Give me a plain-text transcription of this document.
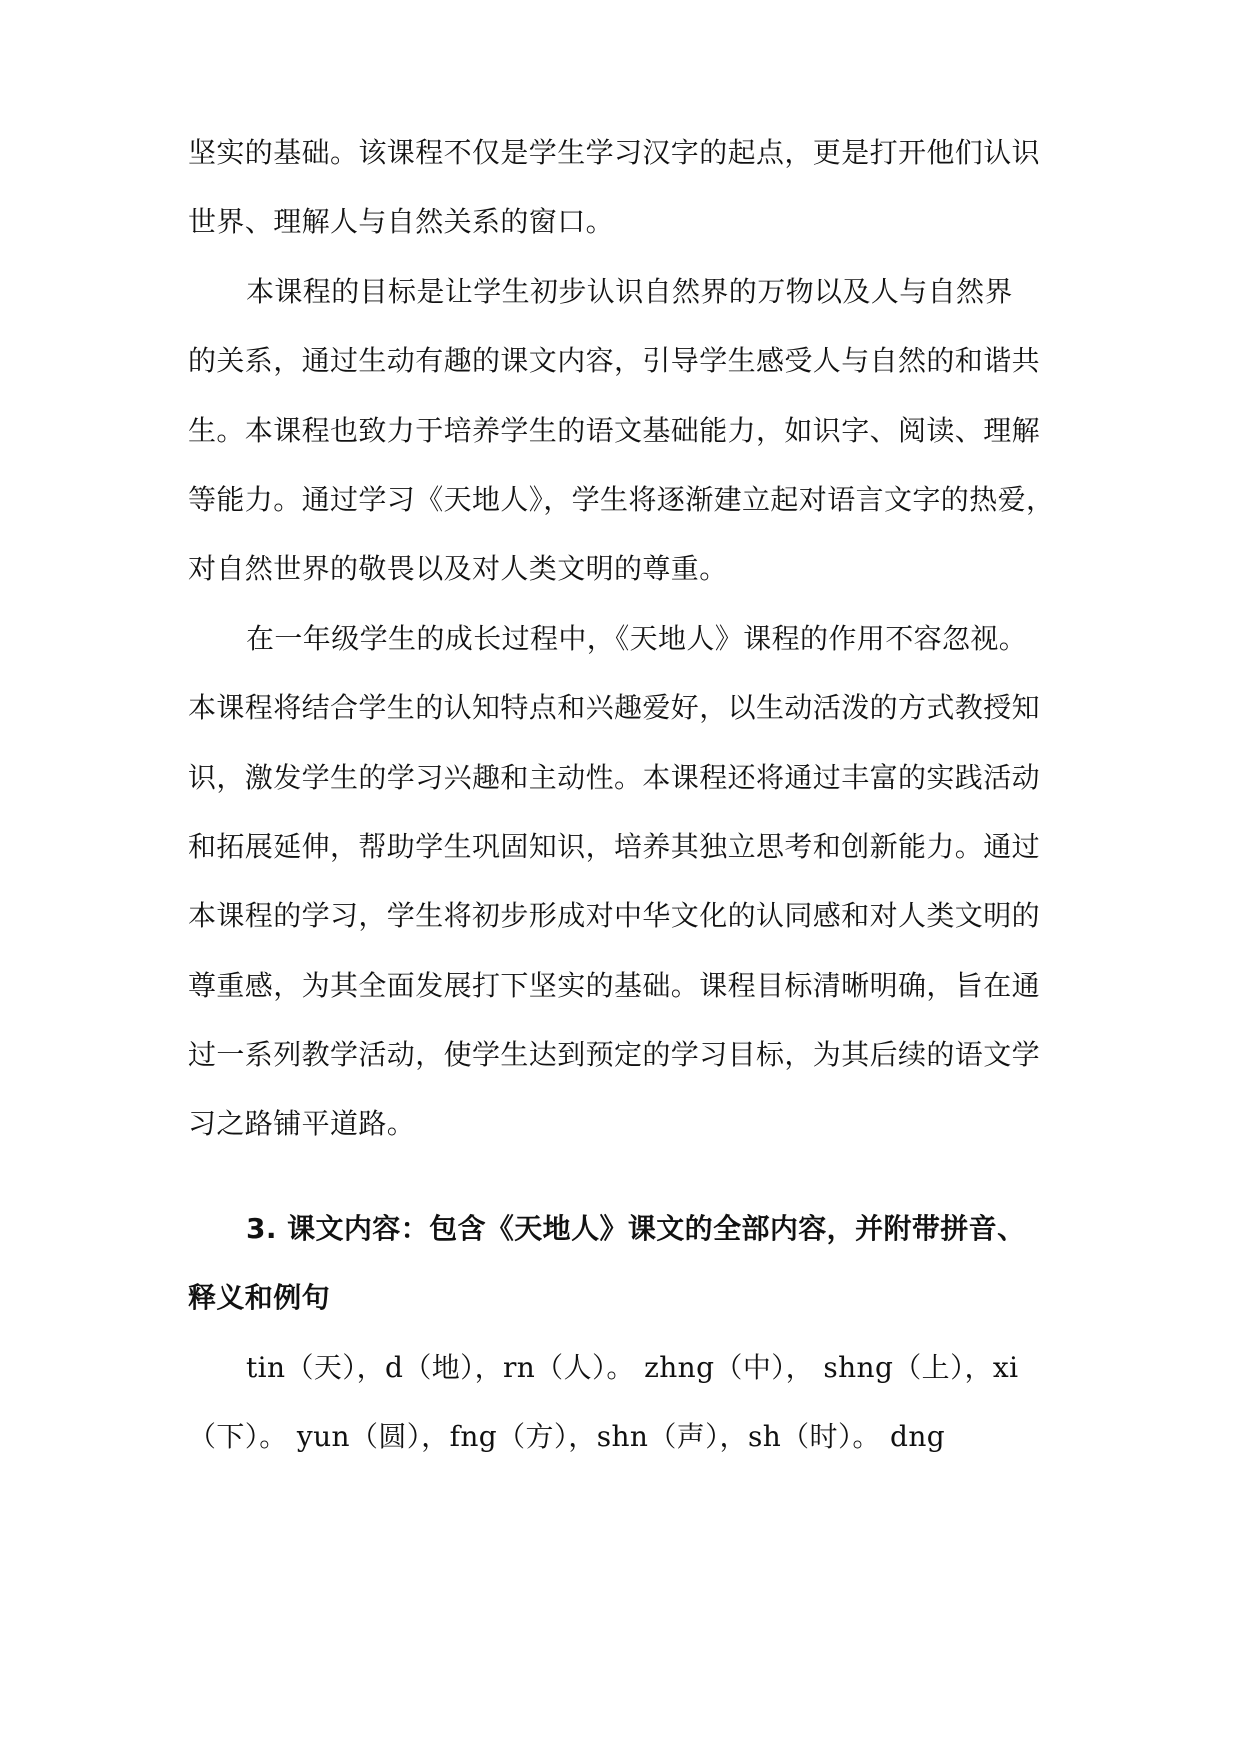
坚实的基础。该课程不仅是学生学习汉字的起点，更是打开他们认识
世界、理解人与自然关系的窗口。
本课程的目标是让学生初步认识自然界的万物以及人与自然界
的关系，通过生动有趣的课文内容，引导学生感受人与自然的和谐共
生。本课程也致力于培养学生的语文基础能力，如识字、阅读、理解
等能力。通过学习《天地人》，学生将逐渐建立起对语言文字的热爱，
对自然世界的敬畏以及对人类文明的尊重。
在一年级学生的成长过程中，《天地人》课程的作用不容忽视。
本课程将结合学生的认知特点和兴趣爱好，以生动活泼的方式教授知
识，激发学生的学习兴趣和主动性。本课程还将通过丰富的实践活动
和拓展延伸，帮助学生巩固知识，培养其独立思考和创新能力。通过
本课程的学习，学生将初步形成对中华文化的认同感和对人类文明的
尊重感，为其全面发展打下坚实的基础。课程目标清晰明确，旨在通
过一系列教学活动，使学生达到预定的学习目标，为其后续的语文学
习之路铺平道路。
3. 课文内容：包含《天地人》课文的全部内容，并附带拼音、
释义和例句
tin（天），d（地），rn（人）。 zhng（中）， shng（上），xi
（下）。 yun（圆），fng（方），shn（声），sh（时）。 dng
